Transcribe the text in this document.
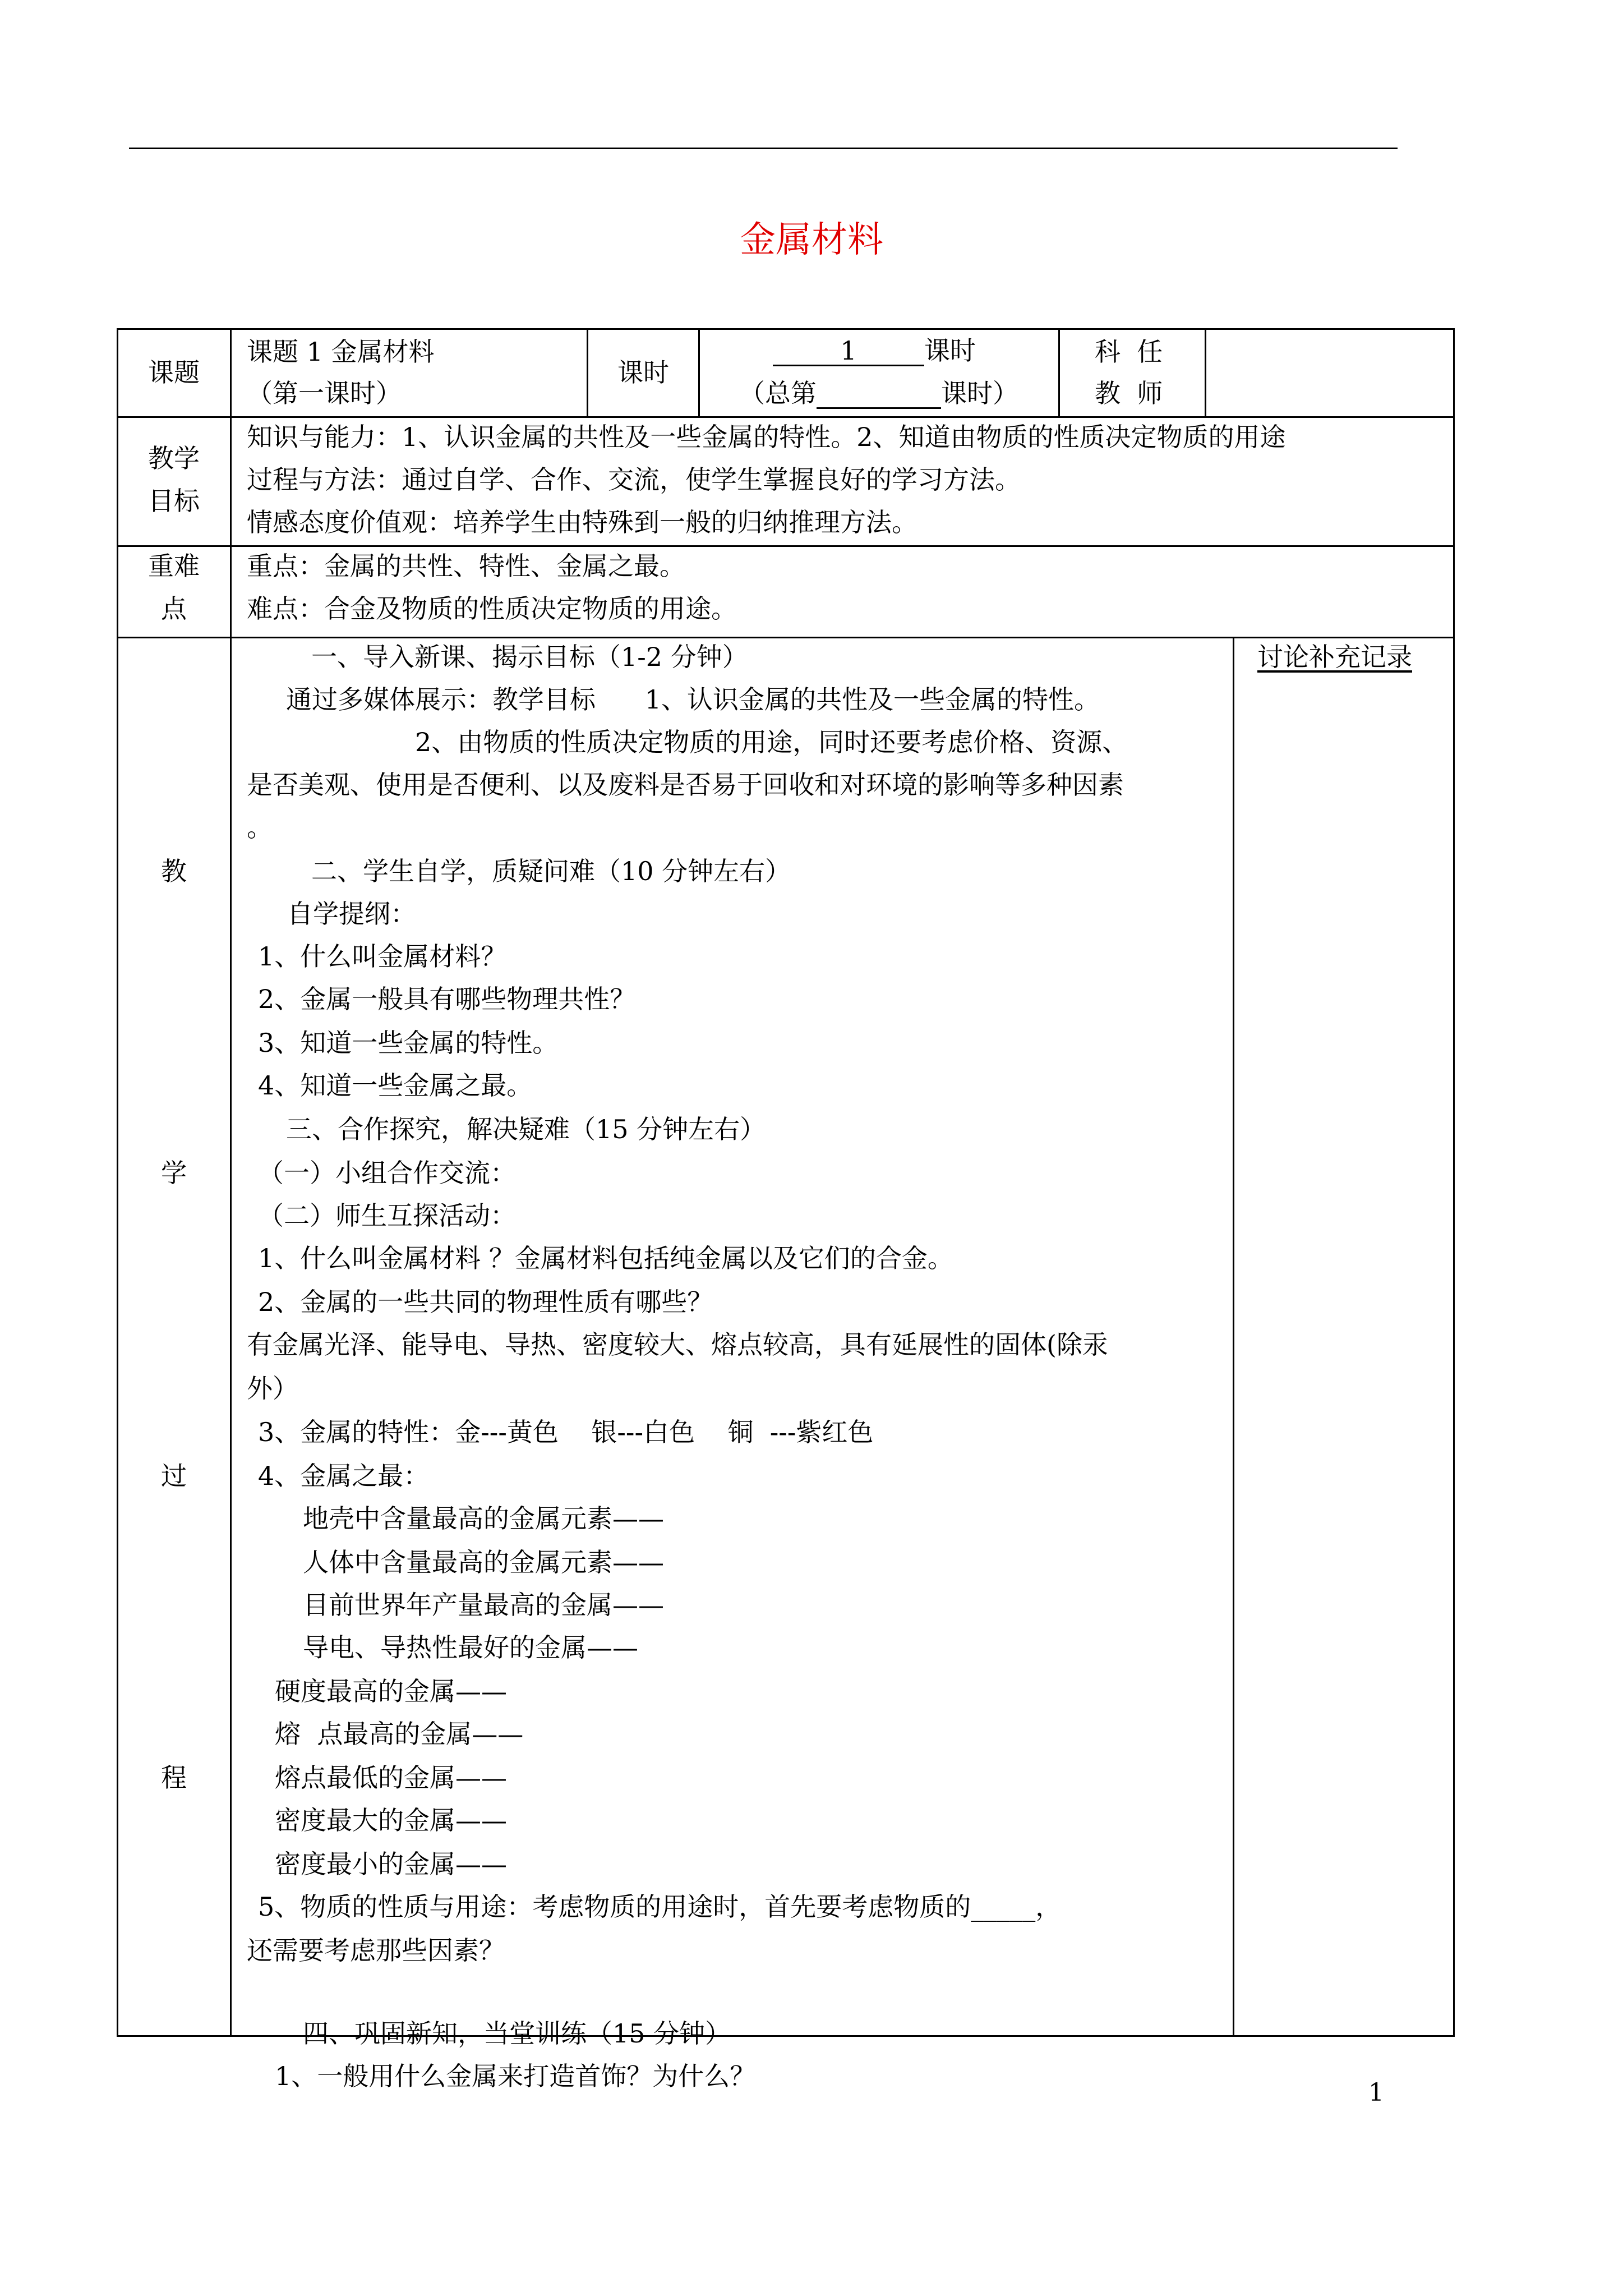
金属材料
课题
课题 1 金属材料
（第一课时）
课时
1	课时
（总第	课时）
科  任
教  师
教学
目标
知识与能力：1、认识金属的共性及一些金属的特性。2、知道由物质的性质决定物质的用途
过程与方法：通过自学、合作、交流，使学生掌握良好的学习方法。
情感态度价值观：培养学生由特殊到一般的归纳推理方法。
重难
点
重点：金属的共性、特性、金属之最。
难点：合金及物质的性质决定物质的用途。
教
学
过
程
讨论补充记录
一、导入新课、揭示目标（1-2 分钟）
通过多媒体展示：教学目标      1、认识金属的共性及一些金属的特性。
2、由物质的性质决定物质的用途，同时还要考虑价格、资源、
是否美观、使用是否便利、以及废料是否易于回收和对环境的影响等多种因素
。
二、学生自学，质疑问难（10 分钟左右）
自学提纲：
1、什么叫金属材料？
2、金属一般具有哪些物理共性？
3、知道一些金属的特性。
4、知道一些金属之最。
三、合作探究，解决疑难（15 分钟左右）
（一）小组合作交流：
（二）师生互探活动：
1、什么叫金属材料 ？金属材料包括纯金属以及它们的合金。
2、金属的一些共同的物理性质有哪些？
有金属光泽、能导电、导热、密度较大、熔点较高，具有延展性的固体(除汞
外）
3、金属的特性：金---黄色    银---白色    铜  ---紫红色
4、金属之最：
地壳中含量最高的金属元素——
人体中含量最高的金属元素——
目前世界年产量最高的金属——
导电、导热性最好的金属——
硬度最高的金属——
熔  点最高的金属——
熔点最低的金属——
密度最大的金属——
密度最小的金属——
5、物质的性质与用途：考虑物质的用途时，首先要考虑物质的_____，
还需要考虑那些因素？
四、巩固新知，当堂训练（15 分钟）
1、一般用什么金属来打造首饰？为什么？
1
